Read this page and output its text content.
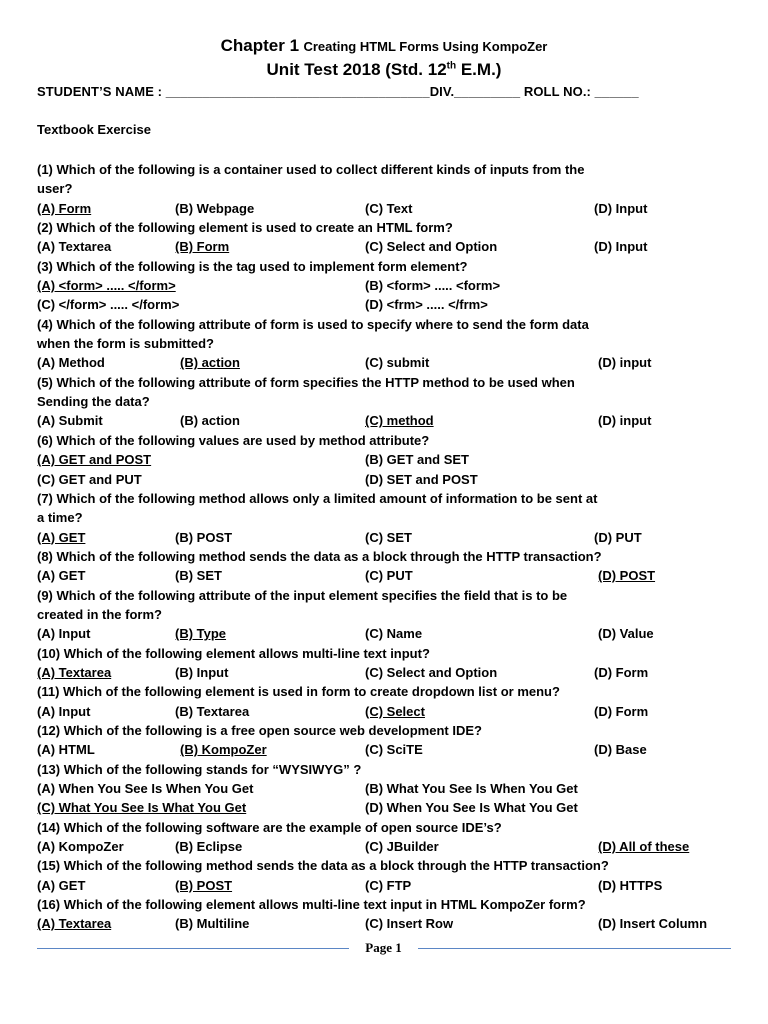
Chapter 1 Creating HTML Forms Using KompoZer
Unit Test 2018 (Std. 12th E.M.)
STUDENT’S NAME : ____________________________________DIV._________ ROLL NO.: ______
Textbook Exercise
(1) Which of the following is a container used to collect different kinds of inputs from the
user?
(A) Form	(B) Webpage	(C) Text	(D) Input
(2) Which of the following element is used to create an HTML form?
(A) Textarea	(B) Form	(C) Select and Option	(D) Input
(3) Which of the following is the tag used to implement form element?
(A) <form> ..... </form>	(B) <form> ..... <form>
(C) </form> ..... </form>	(D) <frm> ..... </frm>
(4) Which of the following attribute of form is used to specify where to send the form data
when the form is submitted?
(A) Method	(B) action	(C) submit	(D) input
(5) Which of the following attribute of form specifies the HTTP method to be used when
Sending the data?
(A) Submit	(B) action	(C) method	(D) input
(6) Which of the following values are used by method attribute?
(A) GET and POST	(B) GET and SET
(C) GET and PUT	(D) SET and POST
(7) Which of the following method allows only a limited amount of information to be sent at
a time?
(A) GET	(B) POST	(C) SET	(D) PUT
(8) Which of the following method sends the data as a block through the HTTP transaction?
(A) GET	(B) SET	(C) PUT	(D) POST
(9) Which of the following attribute of the input element specifies the field that is to be
created in the form?
(A) Input	(B) Type	(C) Name	(D) Value
(10) Which of the following element allows multi-line text input?
(A) Textarea	(B) Input	(C) Select and Option	(D) Form
(11) Which of the following element is used in form to create dropdown list or menu?
(A) Input	(B) Textarea	(C) Select	(D) Form
(12) Which of the following is a free open source web development IDE?
(A) HTML	(B) KompoZer	(C) SciTE	(D) Base
(13) Which of the following stands for “WYSIWYG” ?
(A) When You See Is When You Get	(B) What You See Is When You Get
(C) What You See Is What You Get	(D) When You See Is What You Get
(14) Which of the following software are the example of open source IDE’s?
(A) KompoZer	(B) Eclipse	(C) JBuilder	(D) All of these
(15) Which of the following method sends the data as a block through the HTTP transaction?
(A) GET	(B) POST	(C) FTP	(D) HTTPS
(16) Which of the following element allows multi-line text input in HTML KompoZer form?
(A) Textarea	(B) Multiline	(C) Insert Row	(D) Insert Column
Page 1
